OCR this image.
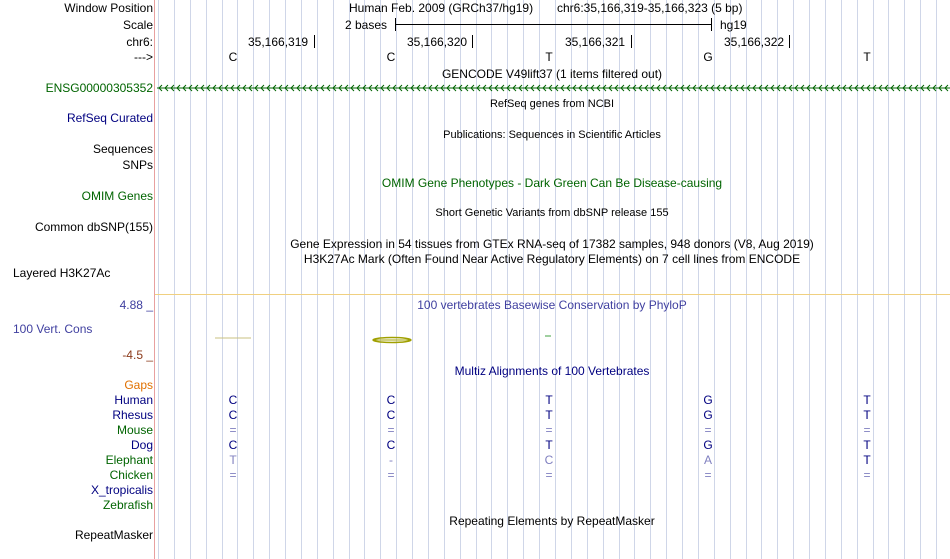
Window Position
Scale
chr6:
--->
Human Feb. 2009 (GRCh37/hg19) chr6:35,166,319-35,166,323 (5 bp)
2 bases	hg19
35,166,319	35,166,320	35,166,321	35,166,322
C	C	T	G	T
GENCODE V49lift37 (1 items filtered out)
ENSG00000305352
RefSeq genes from NCBI
RefSeq Curated
Publications: Sequences in Scientific Articles
Sequences
SNPs
OMIM Gene Phenotypes - Dark Green Can Be Disease-causing
OMIM Genes
Short Genetic Variants from dbSNP release 155
Common dbSNP(155)
Gene Expression in 54 tissues from GTEx RNA-seq of 17382 samples, 948 donors (V8, Aug 2019)
H3K27Ac Mark (Often Found Near Active Regulatory Elements) on 7 cell lines from ENCODE
Layered H3K27Ac
4.88 _	100 vertebrates Basewise Conservation by PhyloP
100 Vert. Cons
-4.5 _
Multiz Alignments of 100 Vertebrates
Gaps
Human	C	C	T	G	T
Rhesus	C	C	T	G	T
Mouse	=	=	=	=	=
Dog	C	C	T	G	T
Elephant	T	-	C	A	T
Chicken	=	=	=	=	=
X_tropicalis
Zebrafish
Repeating Elements by RepeatMasker
RepeatMasker
